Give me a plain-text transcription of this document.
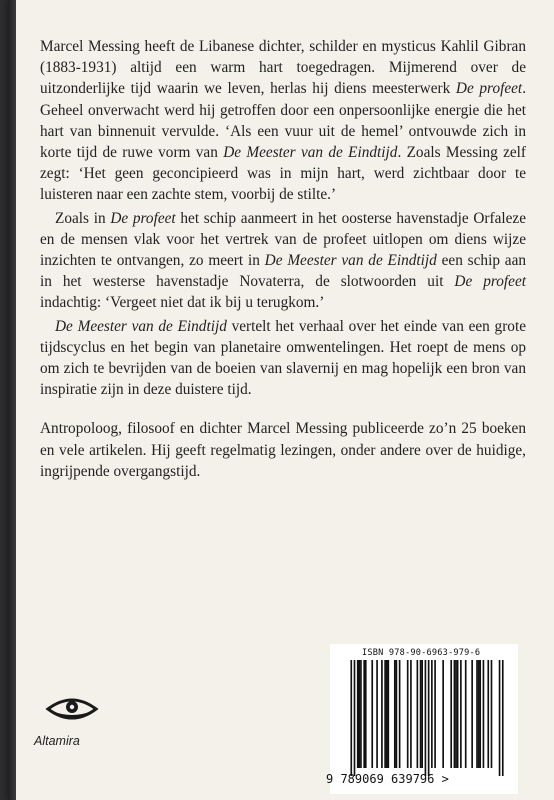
Marcel Messing heeft de Libanese dichter, schilder en mysticus Kahlil Gibran (1883-1931) altijd een warm hart toegedragen. Mijmerend over de uitzonderlijke tijd waarin we leven, herlas hij diens meesterwerk De profeet. Geheel onverwacht werd hij getroffen door een onpersoonlijke energie die het hart van binnenuit vervulde. ‘Als een vuur uit de hemel’ ontvouwde zich in korte tijd de ruwe vorm van De Meester van de Eindtijd. Zoals Messing zelf zegt: ‘Het geen geconcipieerd was in mijn hart, werd zichtbaar door te luisteren naar een zachte stem, voorbij de stilte.’

Zoals in De profeet het schip aanmeert in het oosterse havenstadje Orfaleze en de mensen vlak voor het vertrek van de profeet uitlopen om diens wijze inzichten te ontvangen, zo meert in De Meester van de Eindtijd een schip aan in het westerse havenstadje Novaterra, de slotwoorden uit De profeet indachtig: ‘Vergeet niet dat ik bij u terugkom.’

De Meester van de Eindtijd vertelt het verhaal over het einde van een grote tijdscyclus en het begin van planetaire omwentelingen. Het roept de mens op om zich te bevrijden van de boeien van slavernij en mag hopelijk een bron van inspiratie zijn in deze duistere tijd.

Antropoloog, filosoof en dichter Marcel Messing publiceerde zo’n 25 boeken en vele artikelen. Hij geeft regelmatig lezingen, onder andere over de huidige, ingrijpende overgangstijd.

Altamira
ISBN 978-90-6963-979-6
9 789069 639796 >
